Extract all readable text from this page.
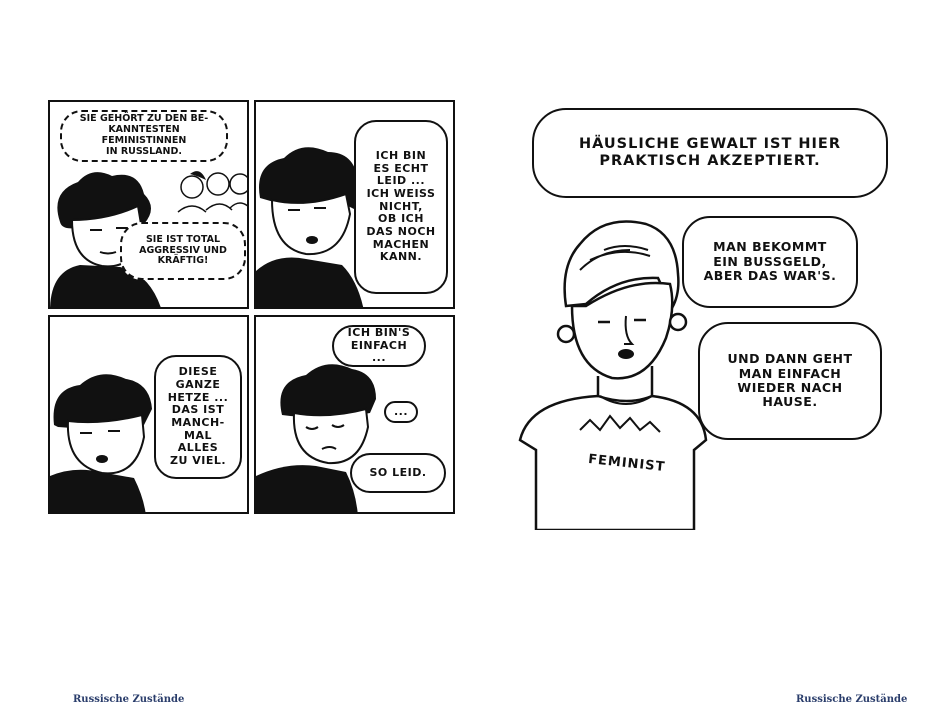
SIE GEHÖRT ZU DEN BE-
KANNTESTEN FEMINISTINNEN
IN RUSSLAND.
SIE IST TOTAL
AGGRESSIV UND
KRÄFTIG!
ICH BIN
ES ECHT
LEID ...
ICH WEISS
NICHT,
OB ICH
DAS NOCH
MACHEN
KANN.
DIESE
GANZE
HETZE ...
DAS IST
MANCH-
MAL ALLES
ZU VIEL.
ICH BIN'S
EINFACH ...
...
SO LEID.	FEMINIST
HÄUSLICHE GEWALT IST HIER
PRAKTISCH AKZEPTIERT.
MAN BEKOMMT
EIN BUSSGELD,
ABER DAS WAR'S.
UND DANN GEHT
MAN EINFACH
WIEDER NACH
HAUSE.
Russische Zustände	Russische Zustände
